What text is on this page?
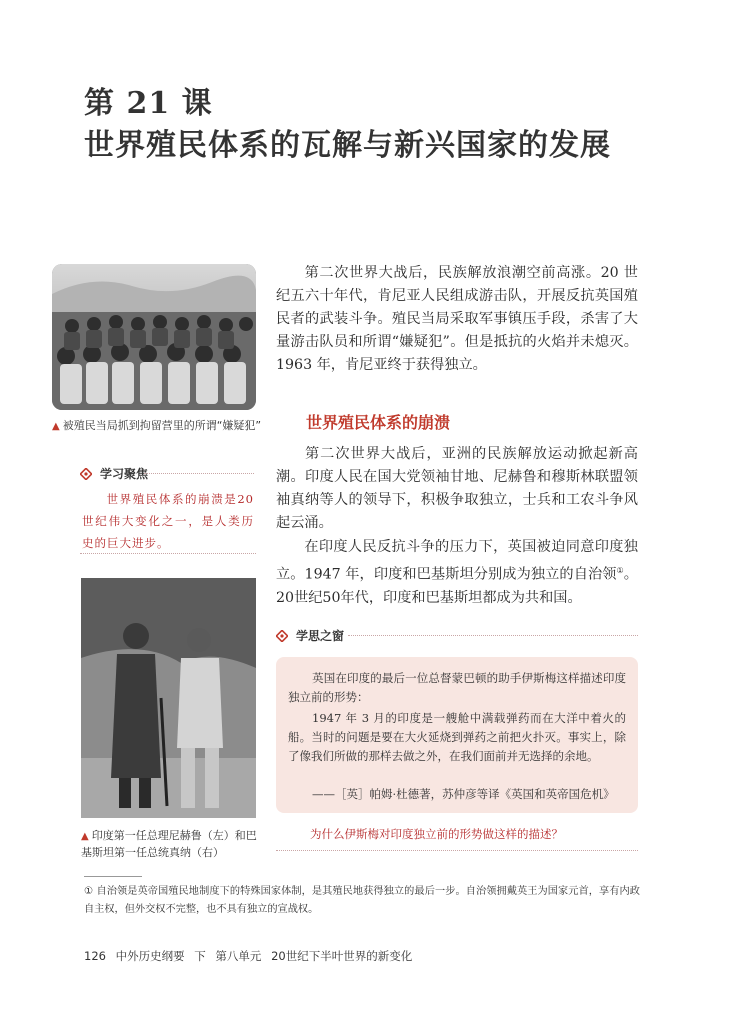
第 21 课
世界殖民体系的瓦解与新兴国家的发展
▲ 被殖民当局抓到拘留营里的所谓“嫌疑犯”
第二次世界大战后，民族解放浪潮空前高涨。20 世纪五六十年代，肯尼亚人民组成游击队，开展反抗英国殖民者的武装斗争。殖民当局采取军事镇压手段，杀害了大量游击队员和所谓“嫌疑犯”。但是抵抗的火焰并未熄灭。1963 年，肯尼亚终于获得独立。
学习聚焦
世界殖民体系的崩溃是20世纪伟大变化之一，是人类历史的巨大进步。
世界殖民体系的崩溃
第二次世界大战后，亚洲的民族解放运动掀起新高潮。印度人民在国大党领袖甘地、尼赫鲁和穆斯林联盟领袖真纳等人的领导下，积极争取独立，士兵和工农斗争风起云涌。
在印度人民反抗斗争的压力下，英国被迫同意印度独立。1947 年，印度和巴基斯坦分别成为独立的自治领①。20世纪50年代，印度和巴基斯坦都成为共和国。
▲ 印度第一任总理尼赫鲁（左）和巴基斯坦第一任总统真纳（右）
学思之窗
英国在印度的最后一位总督蒙巴顿的助手伊斯梅这样描述印度独立前的形势：
1947 年 3 月的印度是一艘舱中满载弹药而在大洋中着火的船。当时的问题是要在大火延烧到弹药之前把火扑灭。事实上，除了像我们所做的那样去做之外，在我们面前并无选择的余地。
——［英］帕姆·杜德著，苏仲彦等译《英国和英帝国危机》
为什么伊斯梅对印度独立前的形势做这样的描述？
① 自治领是英帝国殖民地制度下的特殊国家体制，是其殖民地获得独立的最后一步。自治领拥戴英王为国家元首，享有内政自主权，但外交权不完整，也不具有独立的宣战权。
126 中外历史纲要 下 第八单元 20世纪下半叶世界的新变化
